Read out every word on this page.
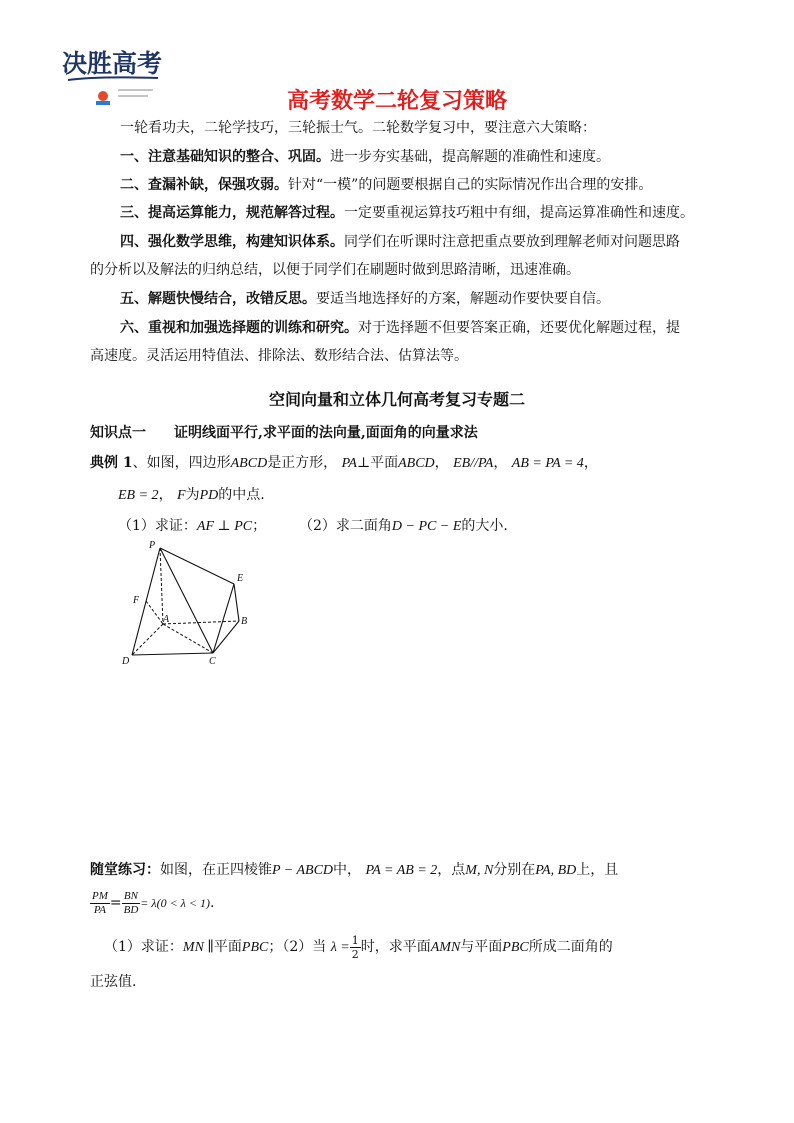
决胜高考
高考数学二轮复习策略
一轮看功夫，二轮学技巧，三轮振士气。二轮数学复习中，要注意六大策略：
一、注意基础知识的整合、巩固。进一步夯实基础，提高解题的准确性和速度。
二、查漏补缺，保强攻弱。针对“一模”的问题要根据自己的实际情况作出合理的安排。
三、提高运算能力，规范解答过程。一定要重视运算技巧粗中有细，提高运算准确性和速度。
四、强化数学思维，构建知识体系。同学们在听课时注意把重点要放到理解老师对问题思路
的分析以及解法的归纳总结，以便于同学们在刷题时做到思路清晰，迅速准确。
五、解题快慢结合，改错反思。要适当地选择好的方案，解题动作要快要自信。
六、重视和加强选择题的训练和研究。对于选择题不但要答案正确，还要优化解题过程，提
高速度。灵活运用特值法、排除法、数形结合法、估算法等。
空间向量和立体几何高考复习专题二
知识点一 证明线面平行,求平面的法向量,面面角的向量求法
典例 1、如图，四边形ABCD是正方形， PA⊥平面ABCD， EB//PA， AB = PA = 4，
EB = 2， F为PD的中点.
（1）求证：AF ⊥ PC； （2）求二面角D − PC − E的大小.
P
E
F
A	B
D	C
随堂练习：如图，在正四棱锥P − ABCD中， PA = AB = 2，点M, N分别在PA, BD上，且
$\frac{PM}{PA} = \frac{BN}{BD} = \lambda(0 < \lambda < 1)$.
（1）求证：MN ∥平面PBC；（2）当 $\lambda = \frac{1}{2}$ 时，求平面AMN与平面PBC所成二面角的
正弦值.
